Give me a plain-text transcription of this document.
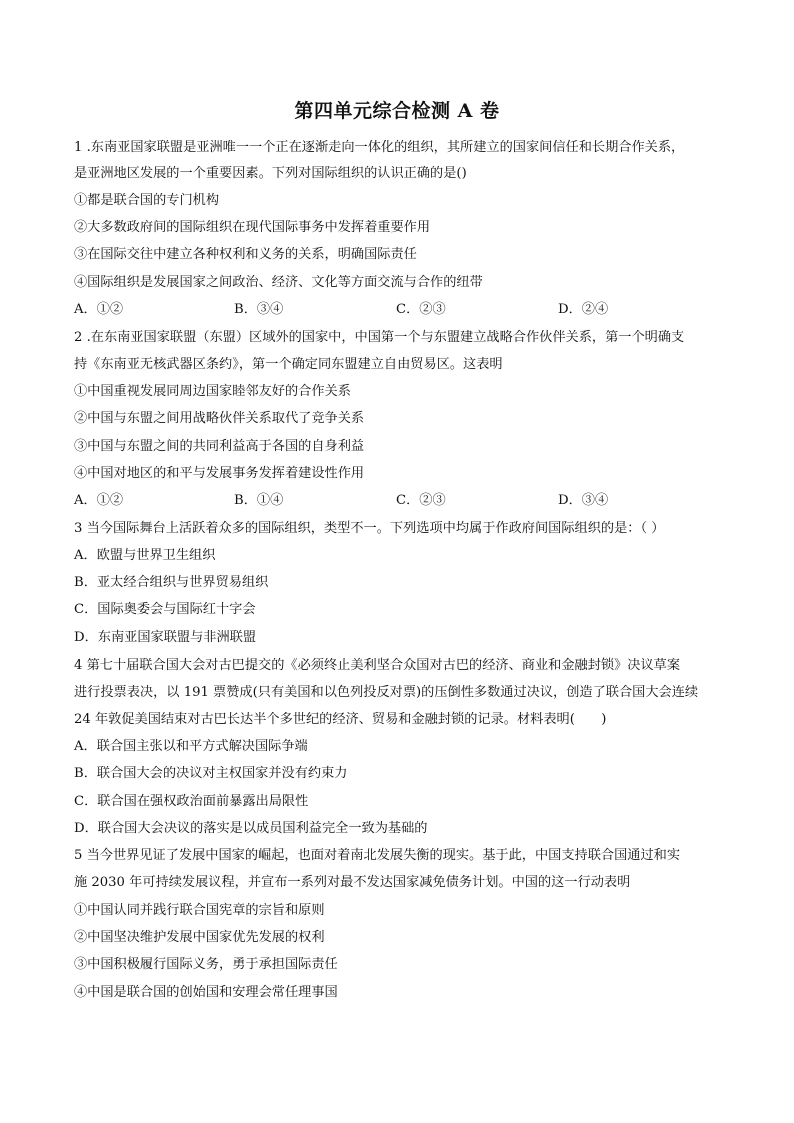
第四单元综合检测 A 卷
1 .东南亚国家联盟是亚洲唯一一个正在逐渐走向一体化的组织，其所建立的国家间信任和长期合作关系，
是亚洲地区发展的一个重要因素。下列对国际组织的认识正确的是()
①都是联合国的专门机构
②大多数政府间的国际组织在现代国际事务中发挥着重要作用
③在国际交往中建立各种权利和义务的关系，明确国际责任
④国际组织是发展国家之间政治、经济、文化等方面交流与合作的纽带
A．①②	B．③④	C．②③	D．②④
2 .在东南亚国家联盟（东盟）区域外的国家中，中国第一个与东盟建立战略合作伙伴关系，第一个明确支
持《东南亚无核武器区条约》，第一个确定同东盟建立自由贸易区。这表明
①中国重视发展同周边国家睦邻友好的合作关系
②中国与东盟之间用战略伙伴关系取代了竞争关系
③中国与东盟之间的共同利益高于各国的自身利益
④中国对地区的和平与发展事务发挥着建设性作用
A．①②	B．①④	C．②③	D．③④
3 当今国际舞台上活跃着众多的国际组织，类型不一。下列选项中均属于作政府间国际组织的是：（ ）
A．欧盟与世界卫生组织
B．亚太经合组织与世界贸易组织
C．国际奥委会与国际红十字会
D．东南亚国家联盟与非洲联盟
4 第七十届联合国大会对古巴提交的《必须终止美利坚合众国对古巴的经济、商业和金融封锁》决议草案
进行投票表决，以 191 票赞成(只有美国和以色列投反对票)的压倒性多数通过决议，创造了联合国大会连续
24 年敦促美国结束对古巴长达半个多世纪的经济、贸易和金融封锁的记录。材料表明(　　)
A．联合国主张以和平方式解决国际争端
B．联合国大会的决议对主权国家并没有约束力
C．联合国在强权政治面前暴露出局限性
D．联合国大会决议的落实是以成员国利益完全一致为基础的
5 当今世界见证了发展中国家的崛起，也面对着南北发展失衡的现实。基于此，中国支持联合国通过和实
施 2030 年可持续发展议程，并宣布一系列对最不发达国家减免债务计划。中国的这一行动表明
①中国认同并践行联合国宪章的宗旨和原则
②中国坚决维护发展中国家优先发展的权利
③中国积极履行国际义务，勇于承担国际责任
④中国是联合国的创始国和安理会常任理事国
